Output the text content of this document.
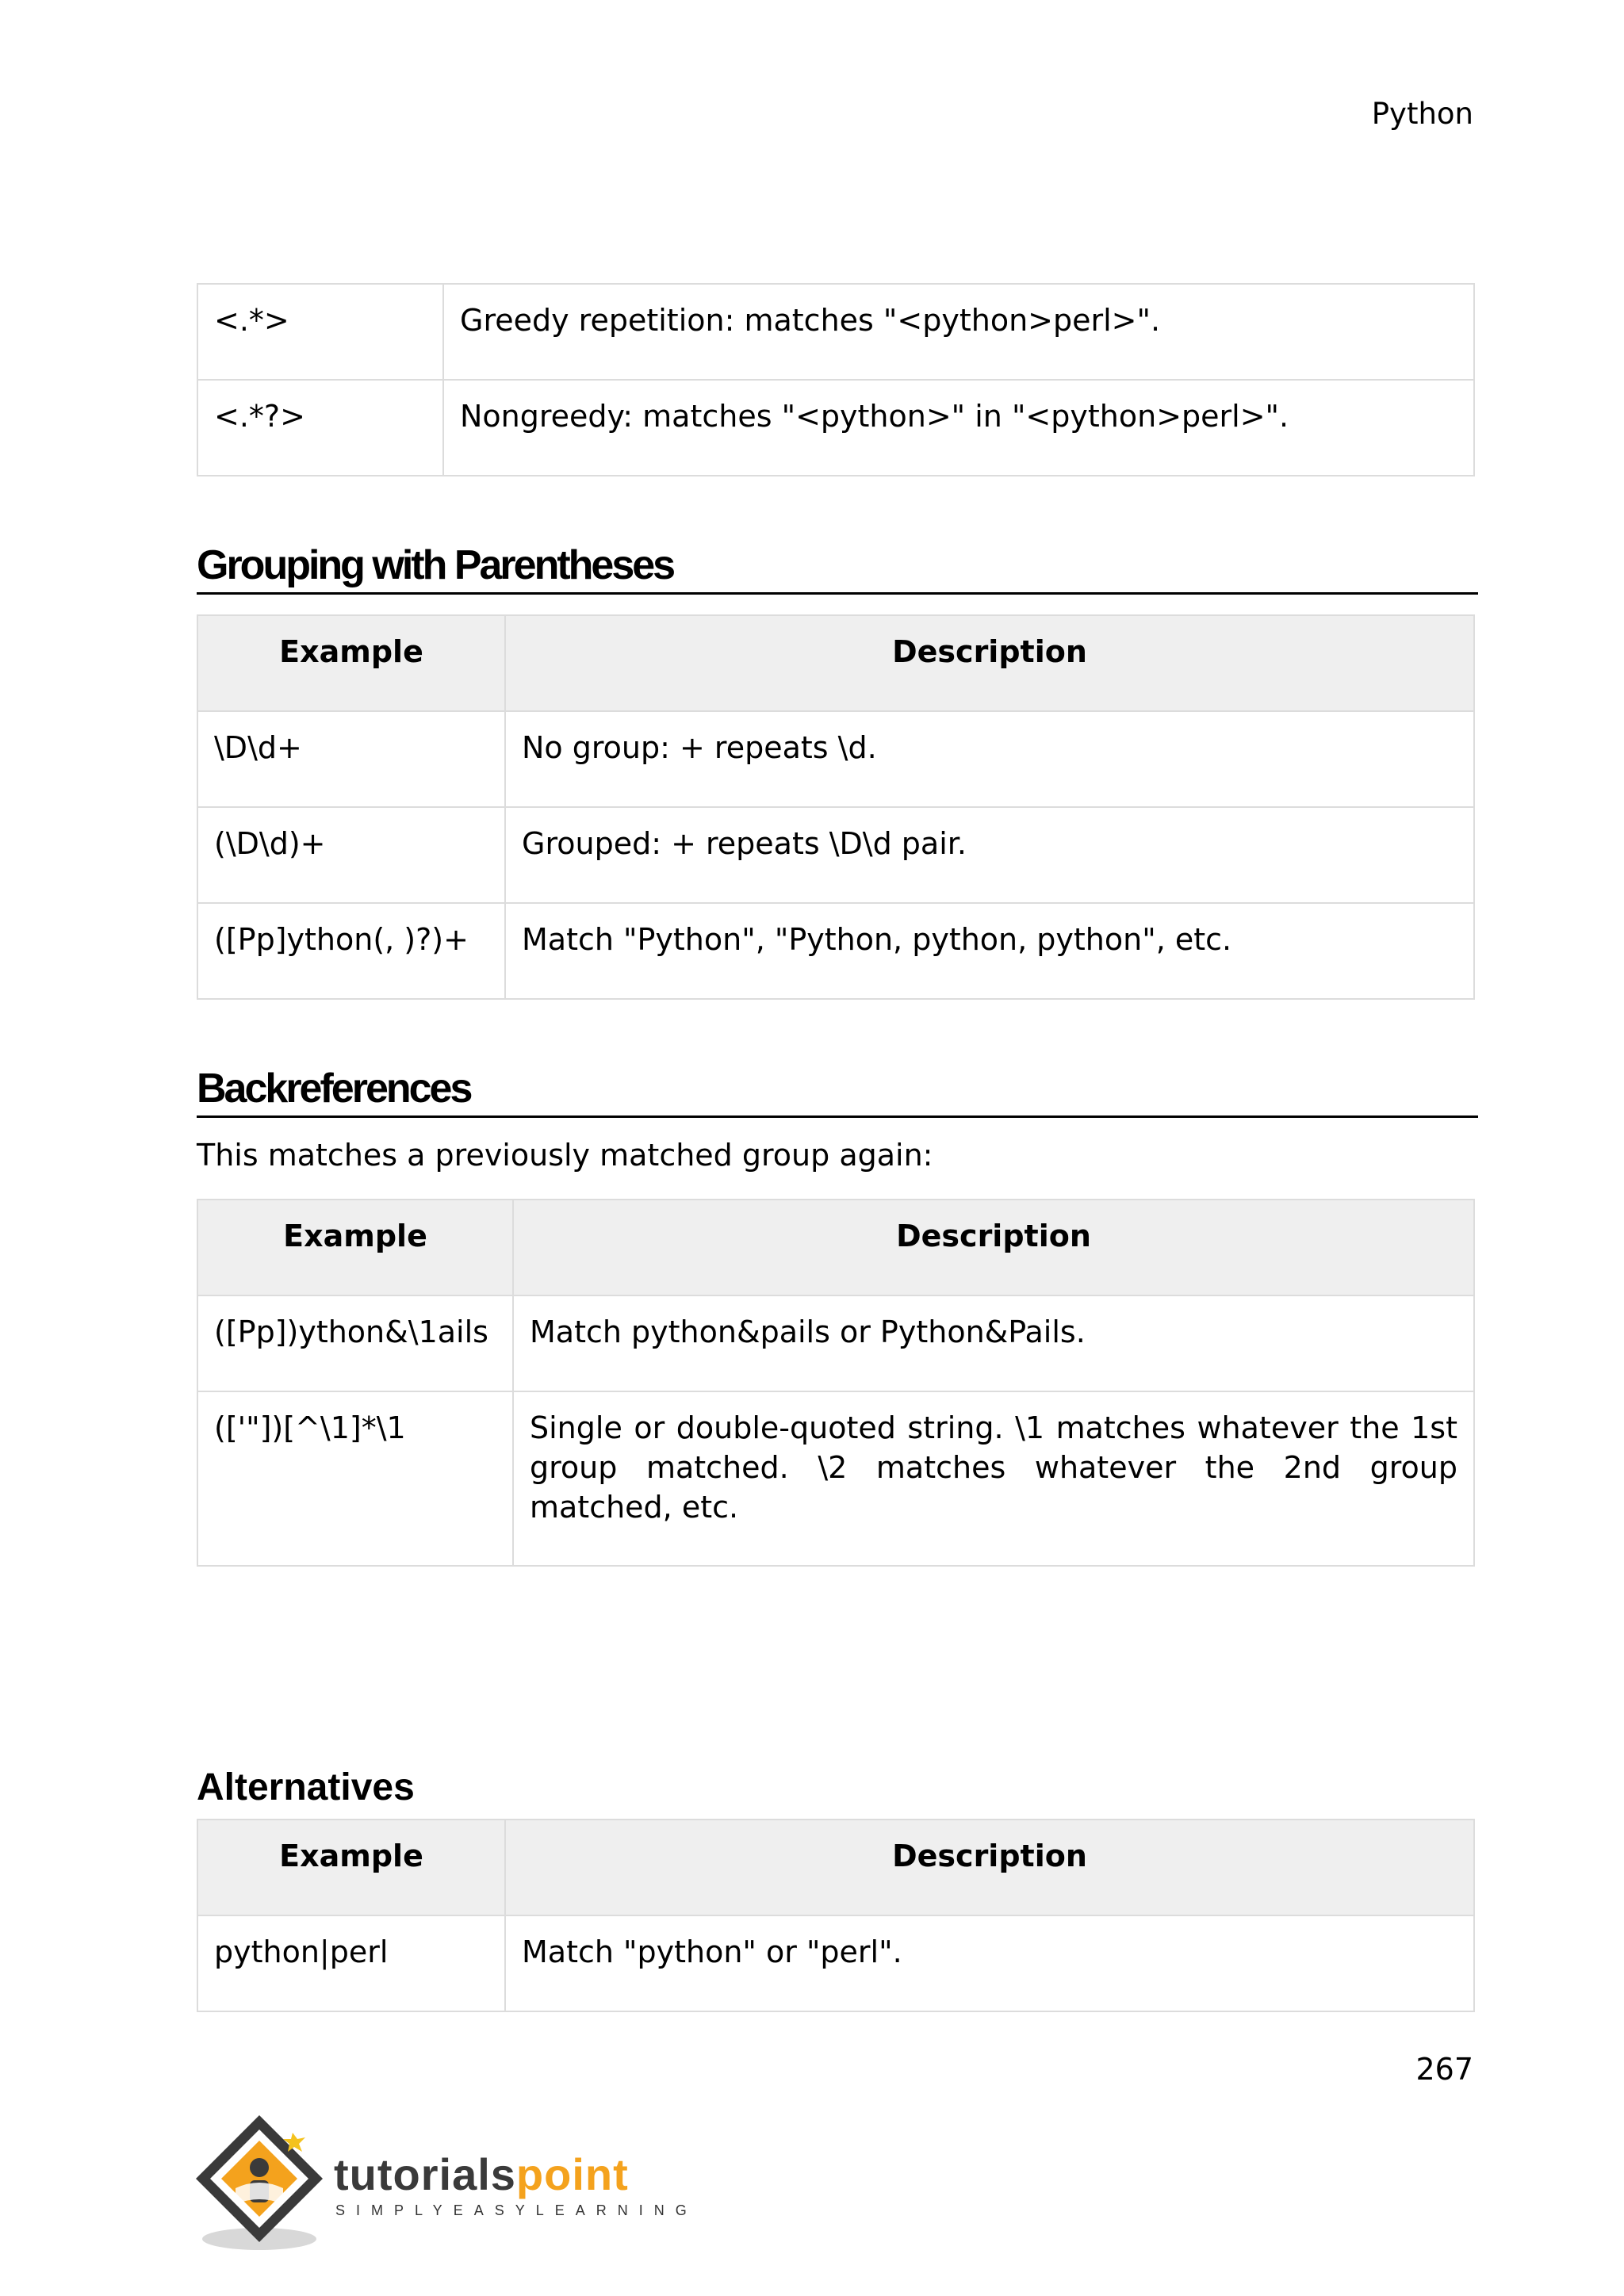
Python
<.*>	Greedy repetition: matches "<python>perl>".
<.*?>	Nongreedy: matches "<python>" in "<python>perl>".
Grouping with Parentheses
Example	Description
\D\d+	No group: + repeats \d.
(\D\d)+	Grouped: + repeats \D\d pair.
([Pp]ython(, )?)+	Match "Python", "Python, python, python", etc.
Backreferences
This matches a previously matched group again:
Example	Description
([Pp])ython&\1ails	Match python&pails or Python&Pails.
(['"])[^\1]*\1	Single or double-quoted string. \1 matches whatever the 1st group matched. \2 matches whatever the 2nd group matched, etc.
Alternatives
Example	Description
python|perl	Match "python" or "perl".
267
tutorialspoint
SIMPLYEASYLEARNING
